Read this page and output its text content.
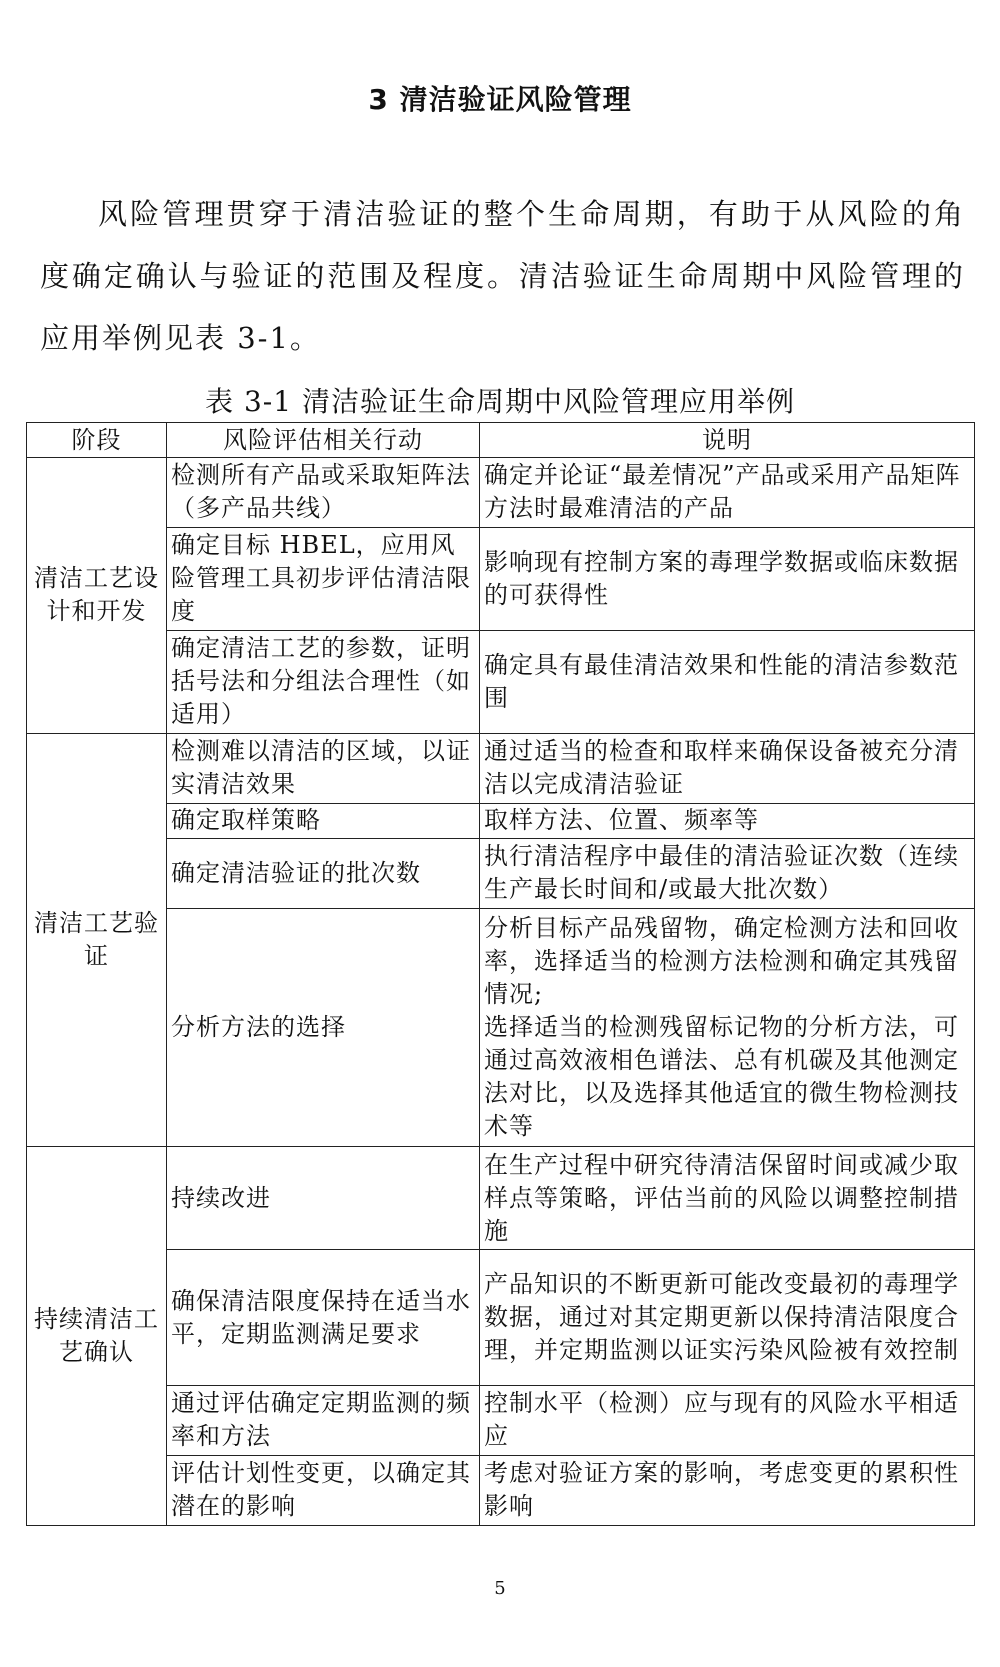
3 清洁验证风险管理
风险管理贯穿于清洁验证的整个生命周期，有助于从风险的角度确定确认与验证的范围及程度。清洁验证生命周期中风险管理的应用举例见表 3-1。
表 3-1 清洁验证生命周期中风险管理应用举例
阶段	风险评估相关行动	说明
清洁工艺设计和开发	检测所有产品或采取矩阵法（多产品共线）	确定并论证“最差情况”产品或采用产品矩阵方法时最难清洁的产品
	确定目标 HBEL，应用风险管理工具初步评估清洁限度	影响现有控制方案的毒理学数据或临床数据的可获得性
	确定清洁工艺的参数，证明括号法和分组法合理性（如适用）	确定具有最佳清洁效果和性能的清洁参数范围
清洁工艺验证	检测难以清洁的区域，以证实清洁效果	通过适当的检查和取样来确保设备被充分清洁以完成清洁验证
	确定取样策略	取样方法、位置、频率等
	确定清洁验证的批次数	执行清洁程序中最佳的清洁验证次数（连续生产最长时间和/或最大批次数）
	分析方法的选择	分析目标产品残留物，确定检测方法和回收率，选择适当的检测方法检测和确定其残留情况;
选择适当的检测残留标记物的分析方法，可通过高效液相色谱法、总有机碳及其他测定法对比，以及选择其他适宜的微生物检测技术等
持续清洁工艺确认	持续改进	在生产过程中研究待清洁保留时间或减少取样点等策略，评估当前的风险以调整控制措施
	确保清洁限度保持在适当水平，定期监测满足要求	产品知识的不断更新可能改变最初的毒理学数据，通过对其定期更新以保持清洁限度合理，并定期监测以证实污染风险被有效控制
	通过评估确定定期监测的频率和方法	控制水平（检测）应与现有的风险水平相适应
	评估计划性变更，以确定其潜在的影响	考虑对验证方案的影响，考虑变更的累积性影响
5
